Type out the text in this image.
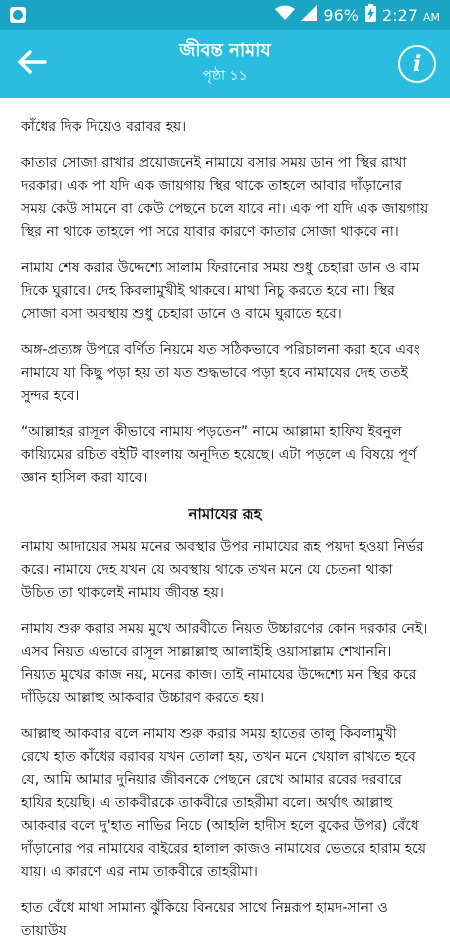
96% 2:27 AM
জীবন্ত নামায
পৃষ্ঠা ১১	i

কাঁধের দিক দিয়েও বরাবর হয়।

কাতার সোজা রাখার প্রয়োজনেই নামাযে বসার সময় ডান পা স্থির রাখা দরকার। এক পা যদি এক জায়গায় স্থির থাকে তাহলে আবার দাঁড়ানোর সময় কেউ সামনে বা কেউ পেছনে চলে যাবে না। এক পা যদি এক জায়গায় স্থির না থাকে তাহলে পা সরে যাবার কারণে কাতার সোজা থাকবে না।

নামায শেষ করার উদ্দেশ্যে সালাম ফিরানোর সময় শুধু চেহারা ডান ও বাম দিকে ঘুরাবে। দেহ কিবলামুখীই থাকবে। মাথা নিচু করতে হবে না। স্থির সোজা বসা অবস্থায় শুধু চেহারা ডানে ও বামে ঘুরাতে হবে।

অঙ্গ-প্রত্যঙ্গ উপরে বর্ণিত নিয়মে যত সঠিকভাবে পরিচালনা করা হবে এবং নামাযে যা কিছু পড়া হয় তা যত শুদ্ধভাবে পড়া হবে নামাযের দেহ ততই সুন্দর হবে।

“আল্লাহর রাসূল কীভাবে নামায পড়তেন” নামে আল্লামা হাফিয ইবনুল কায়্যিমের রচিত বইটি বাংলায় অনূদিত হয়েছে। এটা পড়লে এ বিষয়ে পূর্ণ জ্ঞান হাসিল করা যাবে।

নামাযের রূহ

নামায আদায়ের সময় মনের অবস্থার উপর নামাযের রূহ পয়দা হওয়া নির্ভর করে। নামাযে দেহ যখন যে অবস্থায় থাকে তখন মনে যে চেতনা থাকা উচিত তা থাকলেই নামায জীবন্ত হয়।

নামায শুরু করার সময় মুখে আরবীতে নিয়ত উচ্চারণের কোন দরকার নেই। এসব নিয়ত এভাবে রাসূল সাল্লাল্লাহু আলাইহি ওয়াসাল্লাম শেখাননি। নিয়্যত মুখের কাজ নয়, মনের কাজ। তাই নামাযের উদ্দেশ্যে মন স্থির করে দাঁড়িয়ে আল্লাহু আকবার উচ্চারণ করতে হয়।

আল্লাহু আকবার বলে নামায শুরু করার সময় হাতের তালু কিবলামুখী রেখে হাত কাঁধের বরাবর যখন তোলা হয়, তখন মনে খেয়াল রাখতে হবে যে, আমি আমার দুনিয়ার জীবনকে পেছনে রেখে আমার রবের দরবারে হাযির হয়েছি। এ তাকবীরকে তাকবীরে তাহরীমা বলে। অর্থাৎ আল্লাহু আকবার বলে দু'হাত নাভির নিচে (আহলি হাদীস হলে বুকের উপর) বেঁধে দাঁড়ানোর পর নামাযের বাইরের হালাল কাজও নামাযের ভেতরে হারাম হয়ে যায়। এ কারণে এর নাম তাকবীরে তাহরীমা।

হাত বেঁধে মাথা সামান্য ঝুঁকিয়ে বিনয়ের সাথে নিম্নরূপ হামদ-সানা ও তায়াউয
